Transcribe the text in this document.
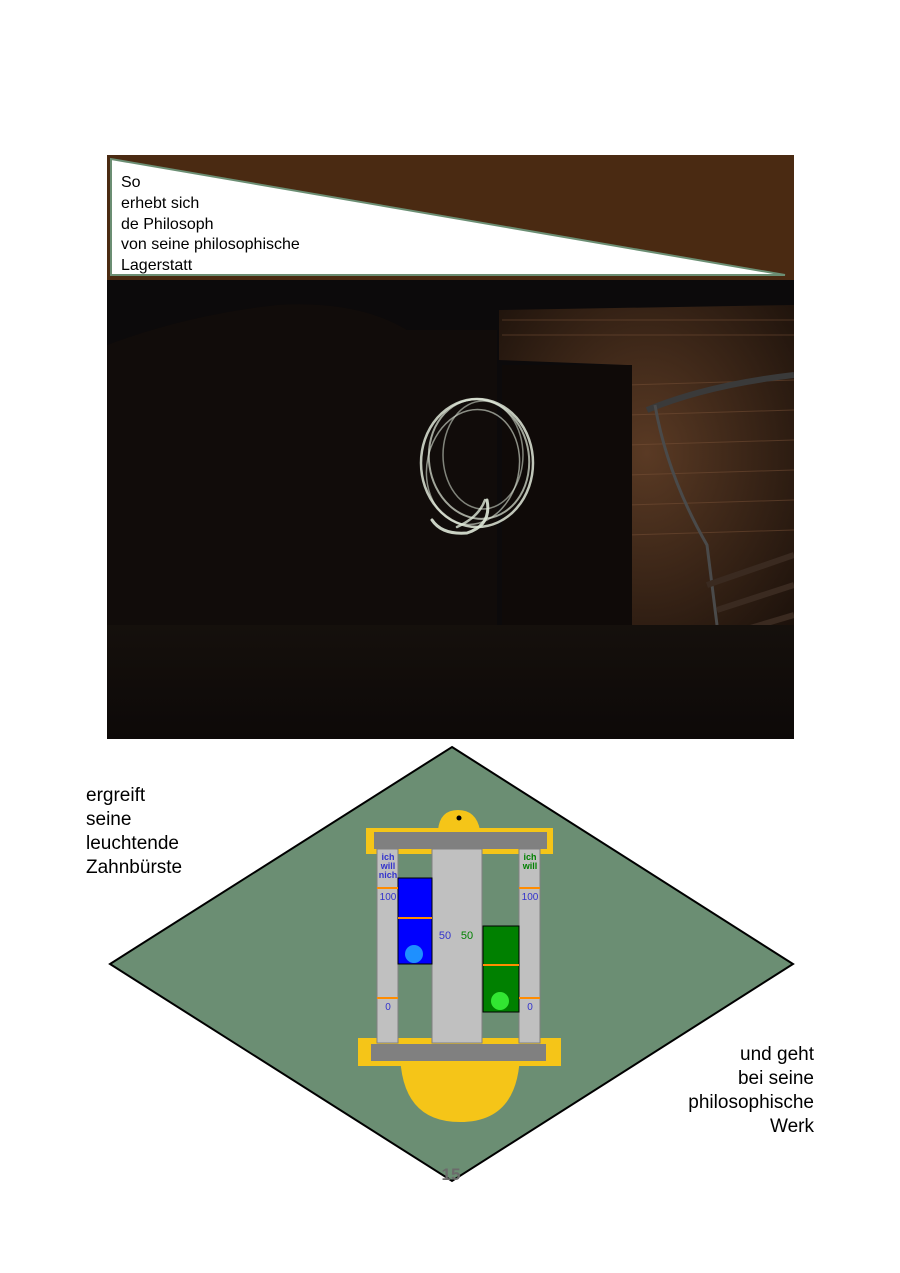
So
erhebt sich
de Philosoph
von seine philosophische
Lagerstatt
ich
will
nich
ich
will
100
0
100
0
50 50
ergreift
seine
leuchtende
Zahnbürste
und geht
bei seine
philosophische
Werk
15
